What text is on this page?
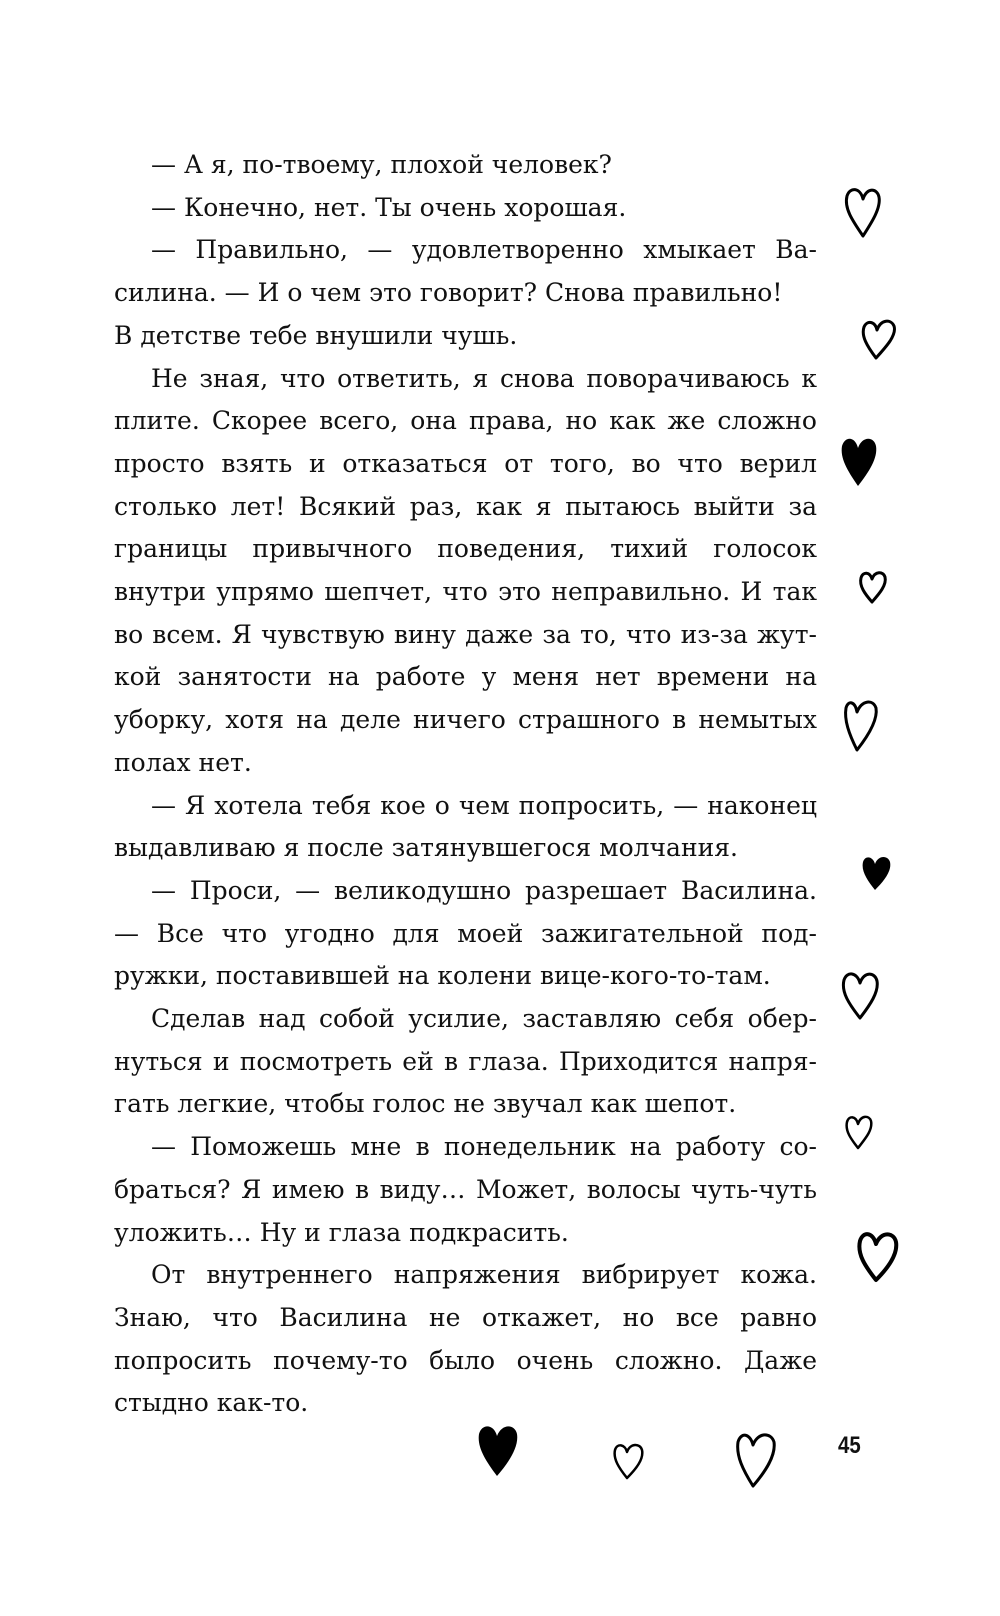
— А я, по-твоему, плохой человек?

— Конечно, нет. Ты очень хорошая.

— Правильно, — удовлетворенно хмыкает Василина. — И о чем это говорит? Снова правильно!

В детстве тебе внушили чушь.

Не зная, что ответить, я снова поворачиваюсь к плите. Скорее всего, она права, но как же сложно просто взять и отказаться от того, во что верил столько лет! Всякий раз, как я пытаюсь выйти за границы привычного поведения, тихий голосок внутри упрямо шепчет, что это неправильно. И так во всем. Я чувствую вину даже за то, что из-за жуткой занятости на работе у меня нет времени на уборку, хотя на деле ничего страшного в немытых полах нет.

— Я хотела тебя кое о чем попросить, — наконец выдавливаю я после затянувшегося молчания.

— Проси, — великодушно разрешает Василина. — Все что угодно для моей зажигательной подружки, поставившей на колени вице-кого-то-там.

Сделав над собой усилие, заставляю себя обернуться и посмотреть ей в глаза. Приходится напрягать легкие, чтобы голос не звучал как шепот.

— Поможешь мне в понедельник на работу собраться? Я имею в виду… Может, волосы чуть-чуть уложить… Ну и глаза подкрасить.

От внутреннего напряжения вибрирует кожа. Знаю, что Василина не откажет, но все равно попросить почему-то было очень сложно. Даже стыдно как-то.

45
